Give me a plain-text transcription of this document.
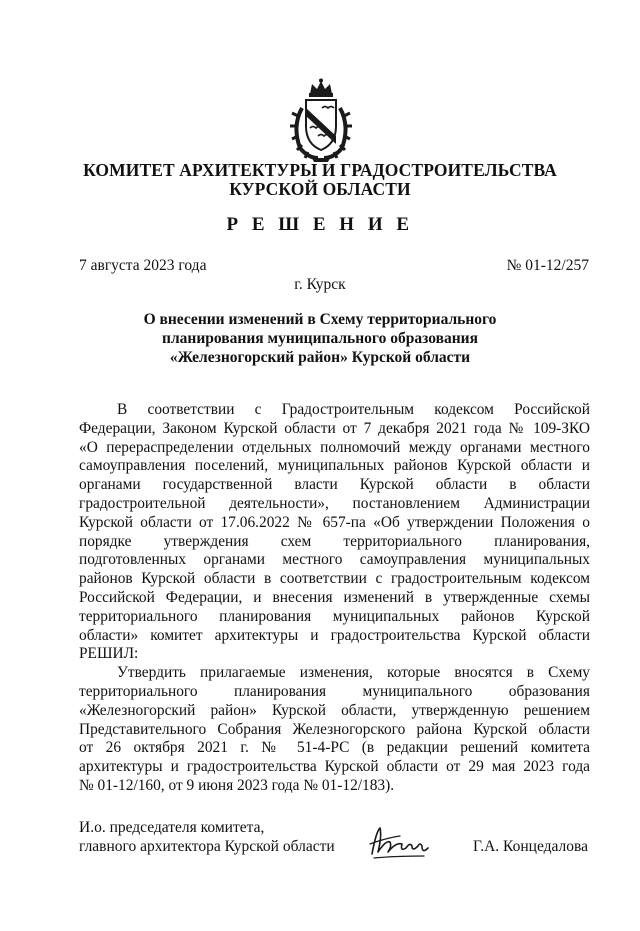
КОМИТЕТ АРХИТЕКТУРЫ И ГРАДОСТРОИТЕЛЬСТВА
КУРСКОЙ ОБЛАСТИ
Р Е Ш Е Н И Е
7 августа 2023 года	№ 01-12/257
г. Курск
О внесении изменений в Схему территориального
планирования муниципального образования
«Железногорский район» Курской области
В соответствии с Градостроительным кодексом Российской
Федерации, Законом Курской области от 7 декабря 2021 года № 109-ЗКО
«О перераспределении отдельных полномочий между органами местного
самоуправления поселений, муниципальных районов Курской области и
органами государственной власти Курской области в области
градостроительной деятельности», постановлением Администрации
Курской области от 17.06.2022 № 657-па «Об утверждении Положения о
порядке утверждения схем территориального планирования,
подготовленных органами местного самоуправления муниципальных
районов Курской области в соответствии с градостроительным кодексом
Российской Федерации, и внесения изменений в утвержденные схемы
территориального планирования муниципальных районов Курской
области» комитет архитектуры и градостроительства Курской области
РЕШИЛ:
Утвердить прилагаемые изменения, которые вносятся в Схему
территориального планирования муниципального образования
«Железногорский район» Курской области, утвержденную решением
Представительного Собрания Железногорского района Курской области
от 26 октября 2021 г. № 51-4-РС (в редакции решений комитета
архитектуры и градостроительства Курской области от 29 мая 2023 года
№ 01-12/160, от 9 июня 2023 года № 01-12/183).
И.о. председателя комитета,
главного архитектора Курской области	Г.А. Концедалова
